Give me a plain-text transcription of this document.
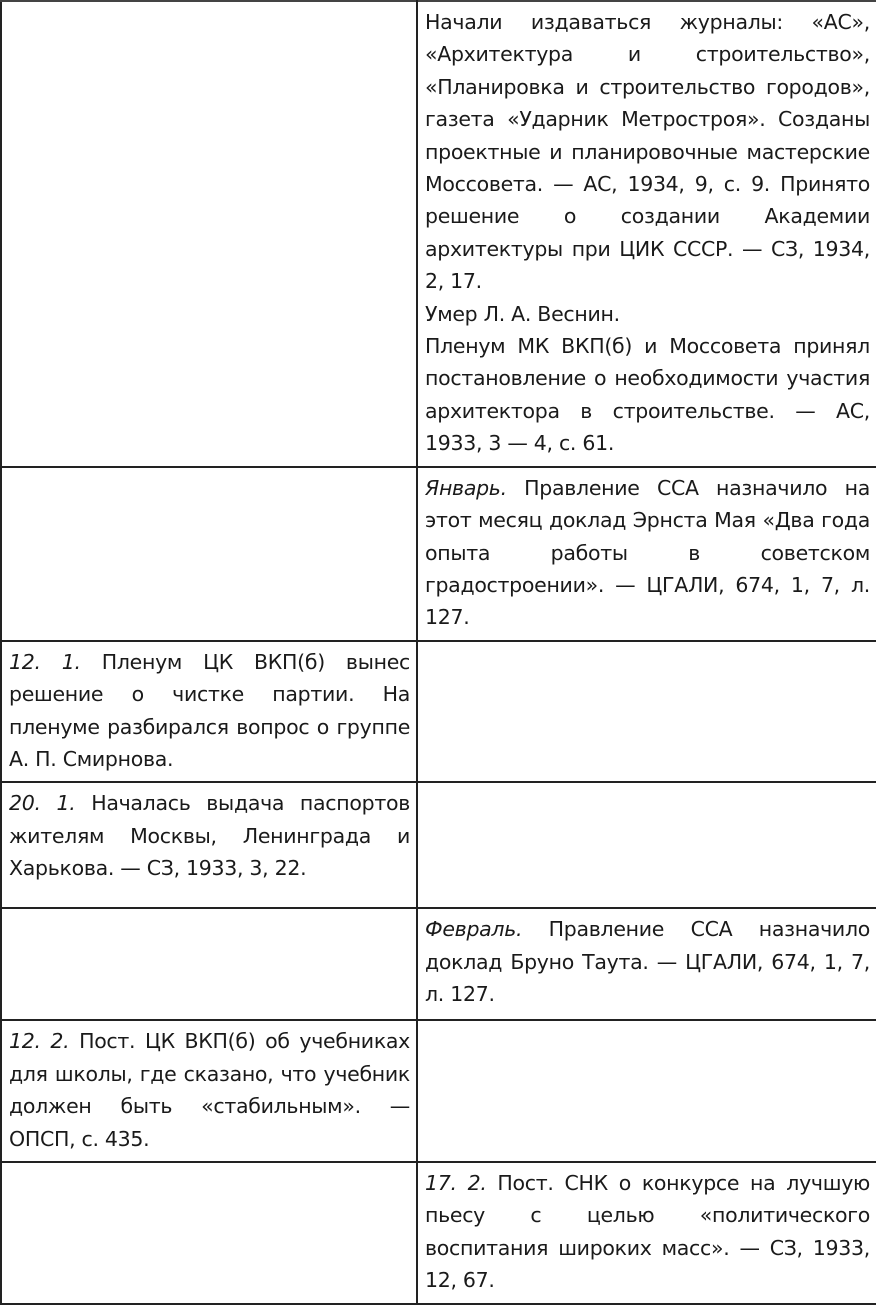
	Начали издаваться журналы: «АС», «Архитектура и строительство», «Планировка и строительство городов», газета «Ударник Метростроя». Созданы проектные и планировочные мастерские Моссовета. — АС, 1934, 9, с. 9. Принято решение о создании Академии архитектуры при ЦИК СССР. — СЗ, 1934, 2, 17.
Умер Л. А. Веснин.
Пленум МК ВКП(б) и Моссовета принял постановление о необходимости участия архитектора в строительстве. — АС, 1933, 3 — 4, с. 61.

	Январь. Правление ССА назначило на этот месяц доклад Эрнста Мая «Два года опыта работы в советском градостроении». — ЦГАЛИ, 674, 1, 7, л. 127.

12. 1. Пленум ЦК ВКП(б) вынес решение о чистке партии. На пленуме разбирался вопрос о группе А. П. Смирнова.	

20. 1. Началась выдача паспортов жителям Москвы, Ленинграда и Харькова. — СЗ, 1933, 3, 22.	

	Февраль. Правление ССА назначило доклад Бруно Таута. — ЦГАЛИ, 674, 1, 7, л. 127.

12. 2. Пост. ЦК ВКП(б) об учебниках для школы, где сказано, что учебник должен быть «стабильным». — ОПСП, с. 435.	

	17. 2. Пост. СНК о конкурсе на лучшую пьесу с целью «политического воспитания широких масс». — СЗ, 1933, 12, 67.
